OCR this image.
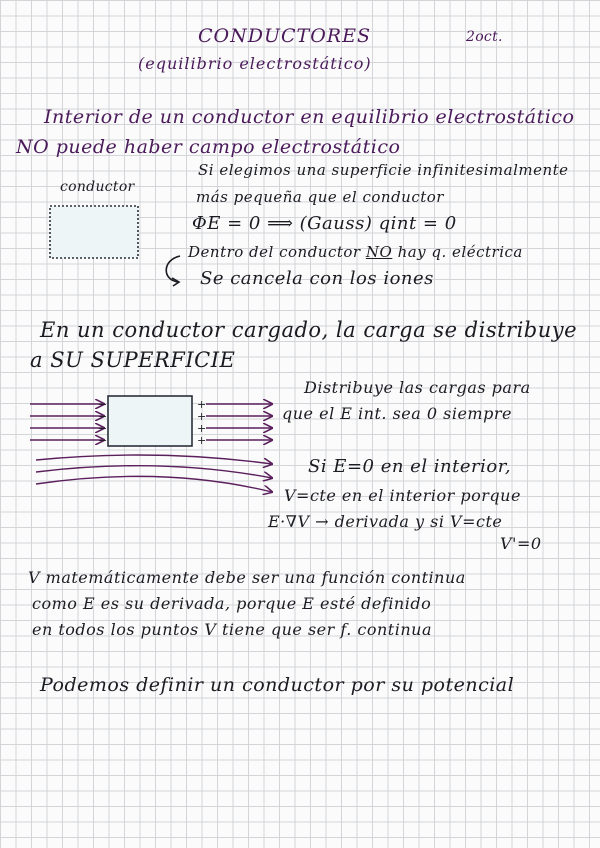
CONDUCTORES

(equilibrio electrostático)

2oct.

Interior de un conductor en equilibrio electrostático

NO puede haber campo electrostático

conductor

Si elegimos una superficie infinitesimalmente

más pequeña que el conductor

ΦE = 0 ⟹ (Gauss) qint = 0

Dentro del conductor NO hay q. eléctrica

Se cancela con los iones

En un conductor cargado, la carga se distribuye

a SU SUPERFICIE

−
−
−
−
+
+
+
+

Distribuye las cargas para

que el E int. sea 0 siempre

Si E=0 en el interior,

V=cte en el interior porque

E·∇V → derivada y si V=cte

V'=0

V matemáticamente debe ser una función continua

como E es su derivada, porque E esté definido

en todos los puntos V tiene que ser f. continua

Podemos definir un conductor por su potencial
